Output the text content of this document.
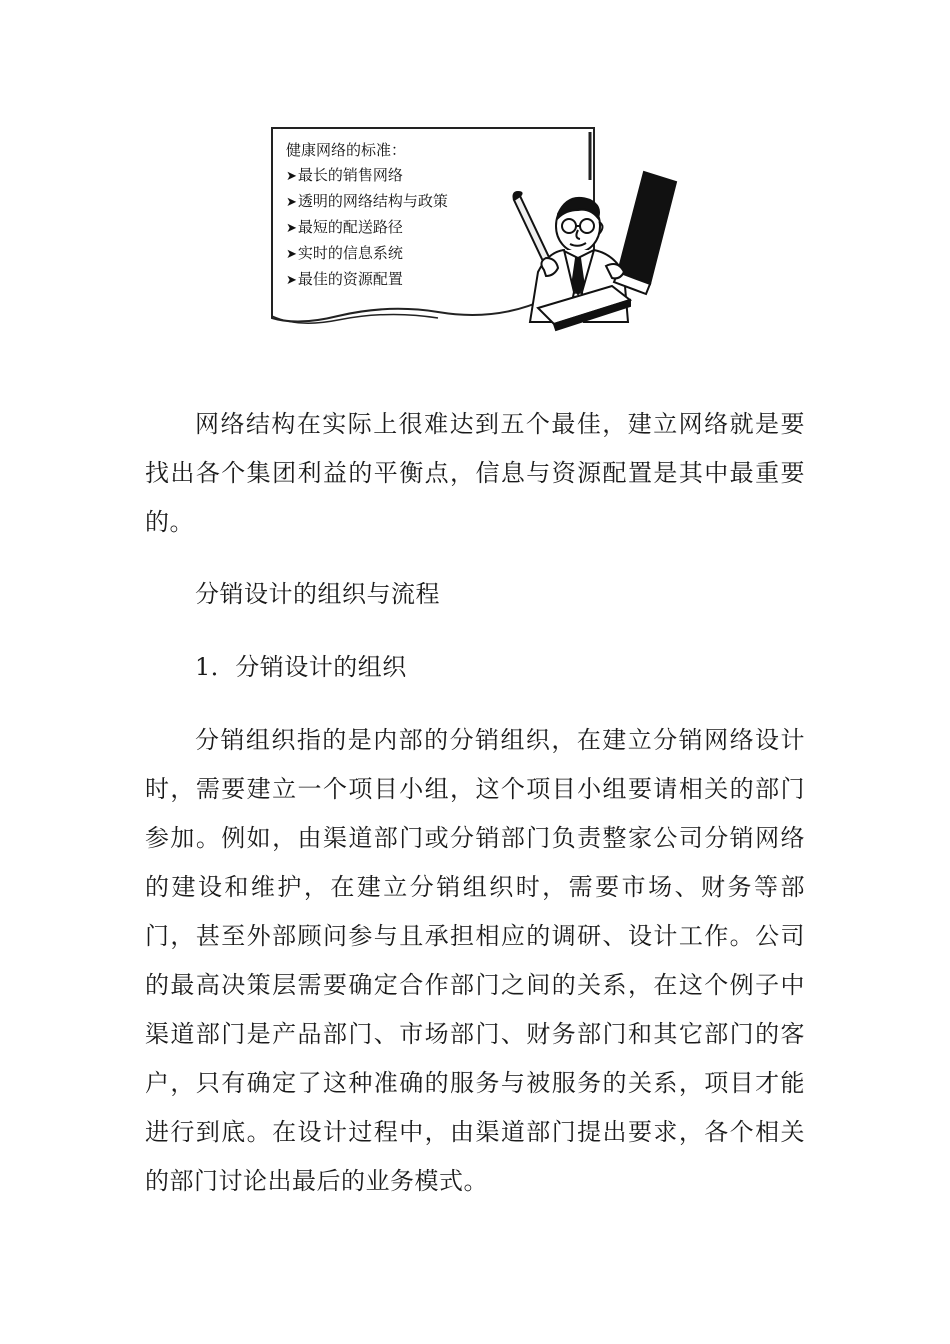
健康网络的标准：
➤最长的销售网络
➤透明的网络结构与政策
➤最短的配送路径
➤实时的信息系统
➤最佳的资源配置

网络结构在实际上很难达到五个最佳，建立网络就是要找出各个集团利益的平衡点，信息与资源配置是其中最重要的。

分销设计的组织与流程

1．分销设计的组织

分销组织指的是内部的分销组织，在建立分销网络设计时，需要建立一个项目小组，这个项目小组要请相关的部门参加。例如，由渠道部门或分销部门负责整家公司分销网络的建设和维护，在建立分销组织时，需要市场、财务等部门，甚至外部顾问参与且承担相应的调研、设计工作。公司的最高决策层需要确定合作部门之间的关系，在这个例子中渠道部门是产品部门、市场部门、财务部门和其它部门的客户，只有确定了这种准确的服务与被服务的关系，项目才能进行到底。在设计过程中，由渠道部门提出要求，各个相关的部门讨论出最后的业务模式。
